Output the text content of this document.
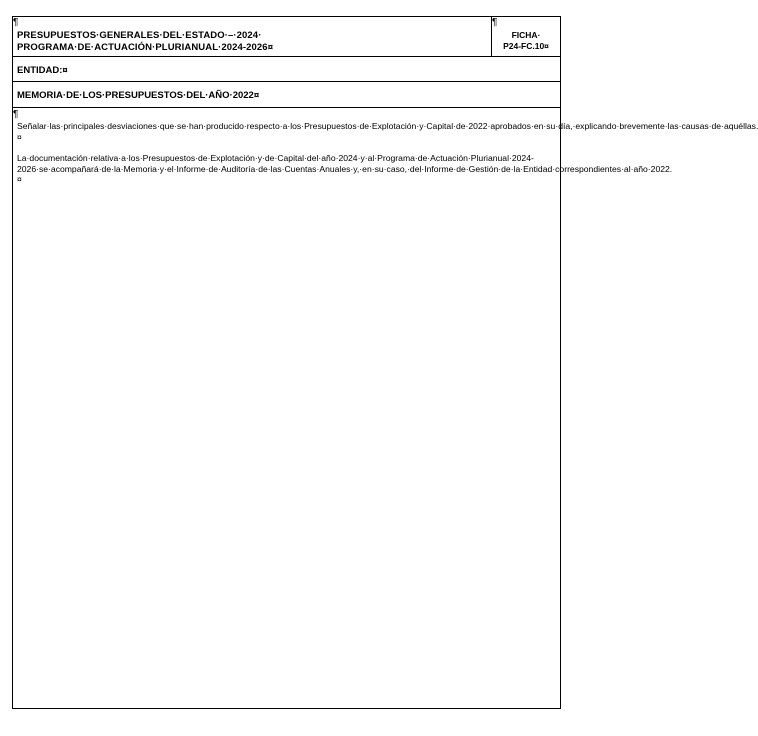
¶
PRESUPUESTOS·GENERALES·DEL·ESTADO·–·2024·
PROGRAMA·DE·ACTUACIÓN·PLURIANUAL·2024-2026¤
¶
FICHA·
P24-FC.10¤
ENTIDAD:¤
MEMORIA·DE·LOS·PRESUPUESTOS·DEL·AÑO·2022¤
¶

Señalar·las·principales·desviaciones·que·se·han·producido·respecto·a·los·Presupuestos·de·Explotación·y·Capital·de·2022·aprobados·en·su·día,·explicando·brevemente·las·causas·de·aquéllas.¤

La·documentación·relativa·a·los·Presupuestos·de·Explotación·y·de·Capital·del·año·2024·y·al·Programa·de·Actuación·Plurianual·2024-2026·se·acompañará·de·la·Memoria·y·el·Informe·de·Auditoría·de·las·Cuentas·Anuales·y,·en·su·caso,·del·Informe·de·Gestión·de·la·Entidad·correspondientes·al·año·2022.¤
